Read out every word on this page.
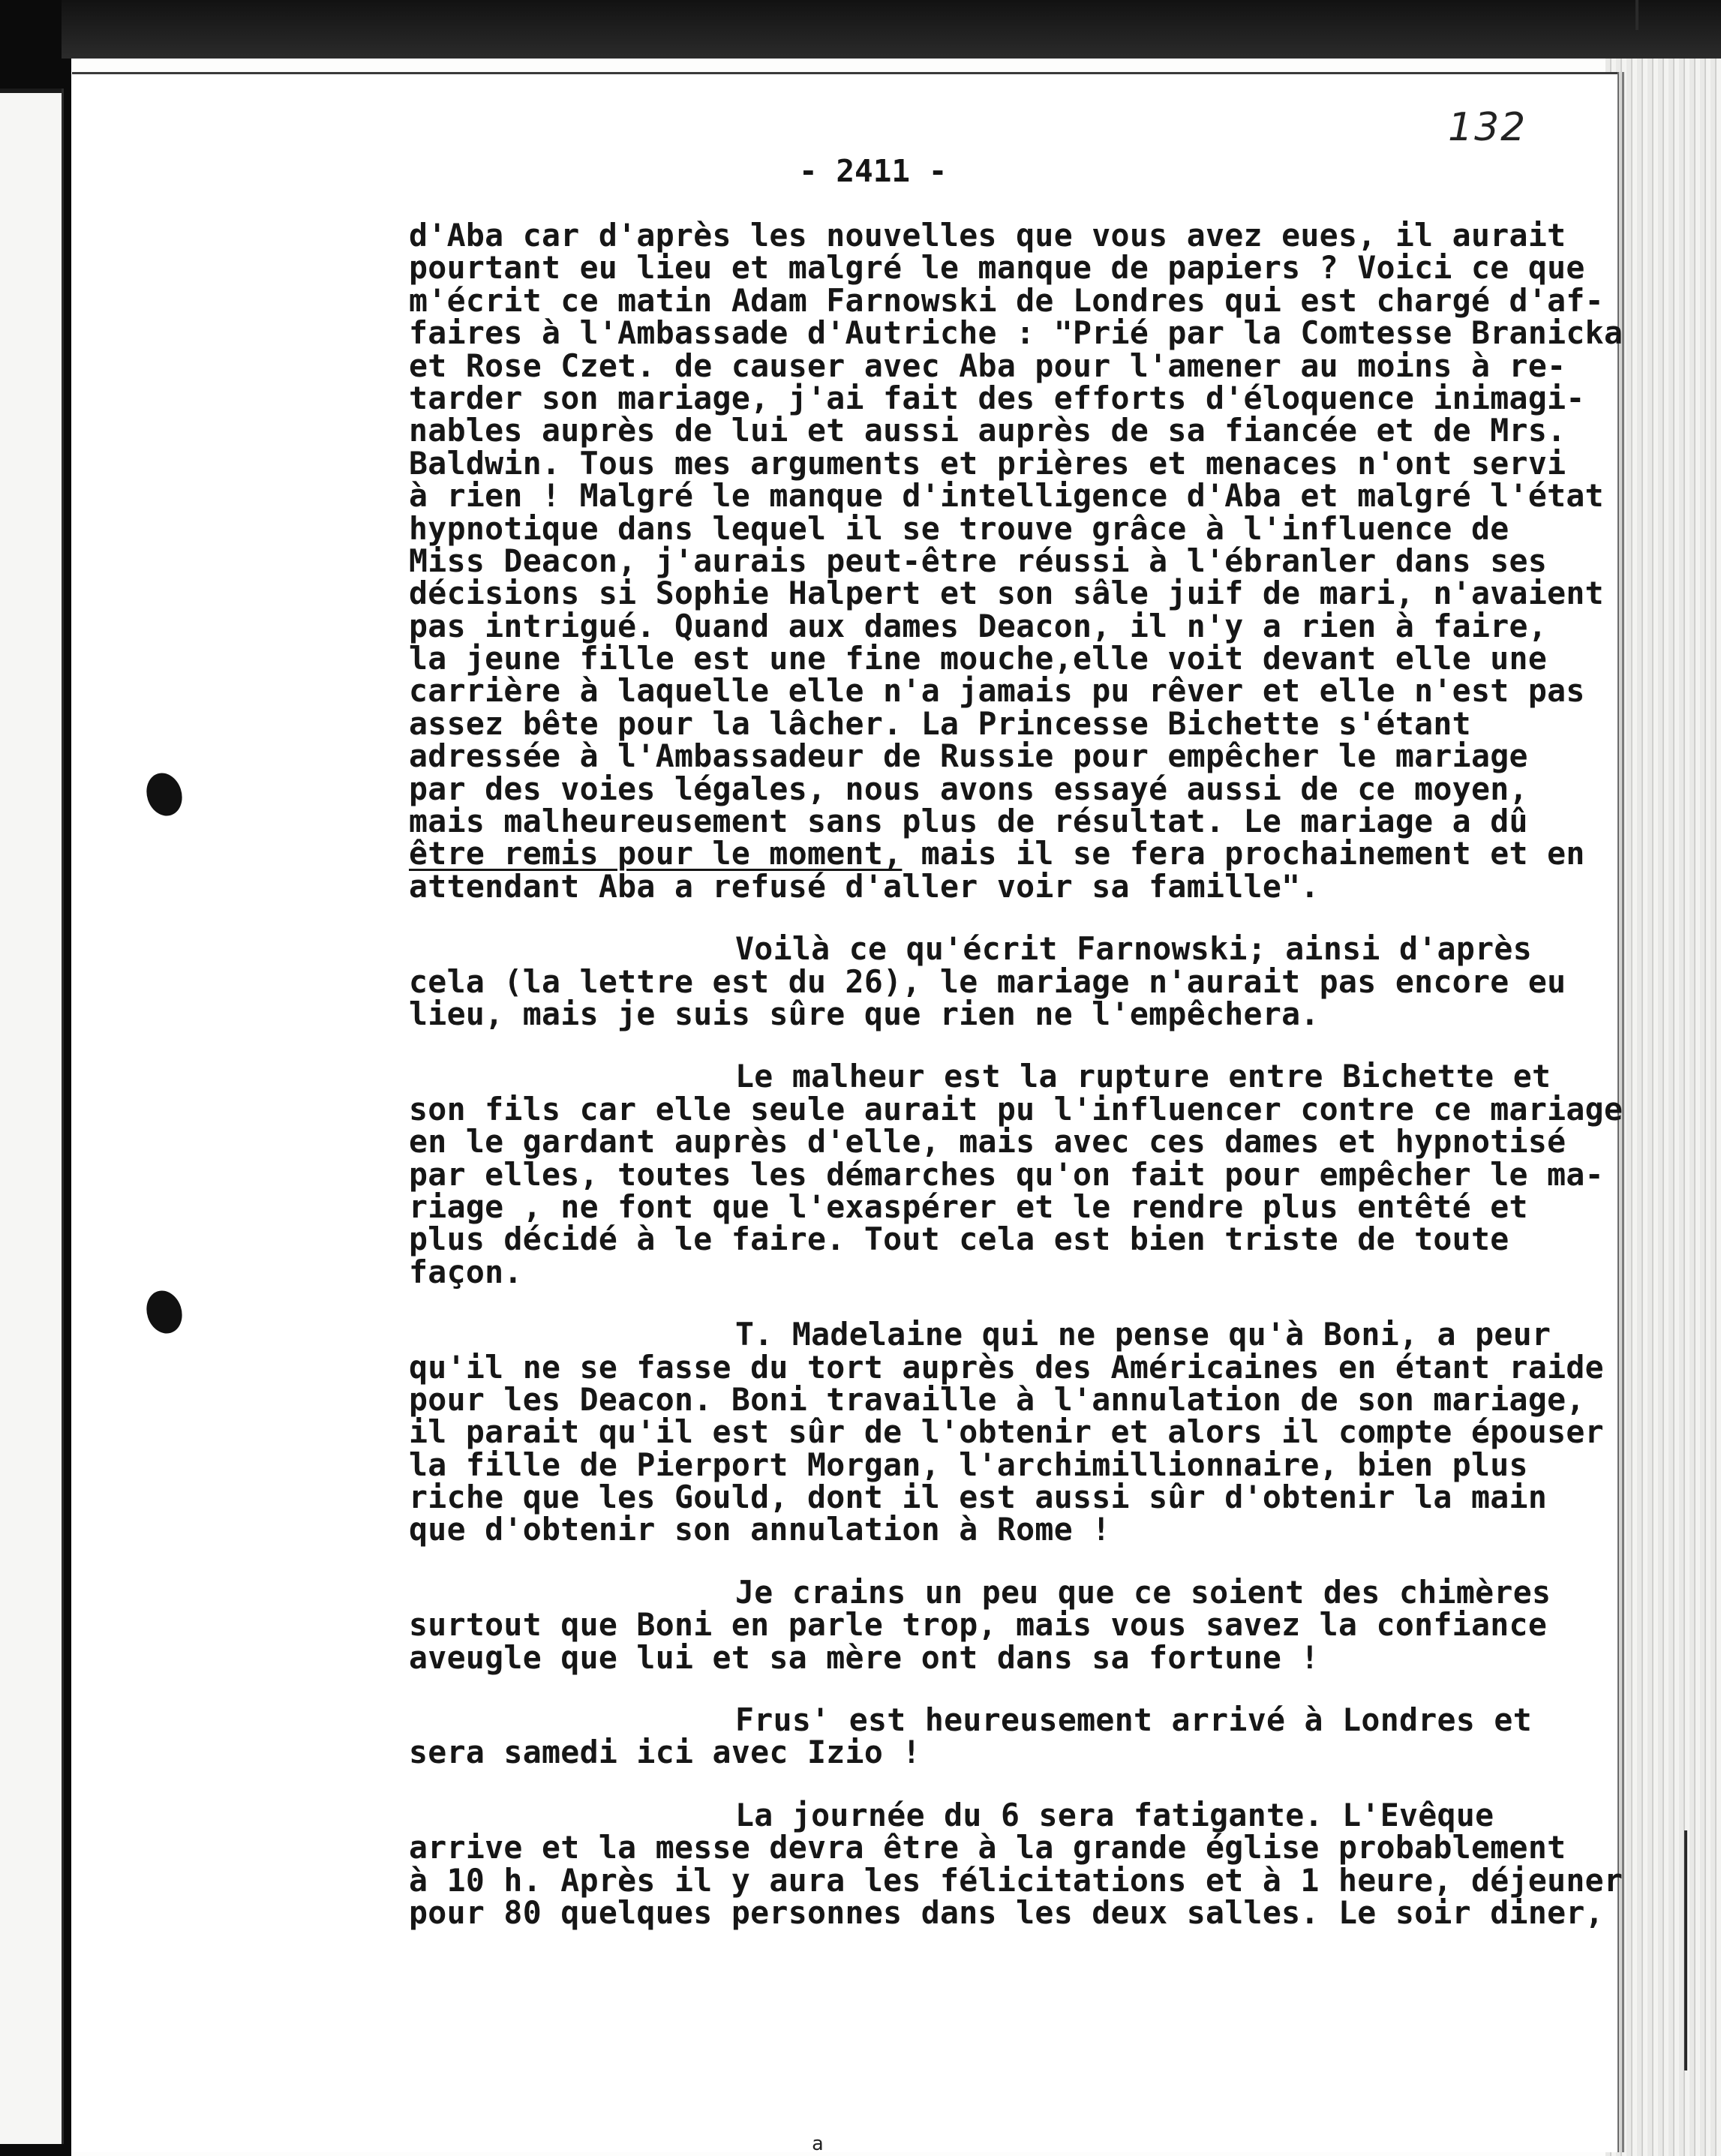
132
- 2411 -
d'Aba car d'après les nouvelles que vous avez eues, il aurait
pourtant eu lieu et malgré le manque de papiers ? Voici ce que
m'écrit ce matin Adam Farnowski de Londres qui est chargé d'af-
faires à l'Ambassade d'Autriche : "Prié par la Comtesse Branicka
et Rose Czet. de causer avec Aba pour l'amener au moins à re-
tarder son mariage, j'ai fait des efforts d'éloquence inimagi-
nables auprès de lui et aussi auprès de sa fiancée et de Mrs.
Baldwin. Tous mes arguments et prières et menaces n'ont servi
à rien ! Malgré le manque d'intelligence d'Aba et malgré l'état
hypnotique dans lequel il se trouve grâce à l'influence de
Miss Deacon, j'aurais peut-être réussi à l'ébranler dans ses
décisions si Sophie Halpert et son sâle juif de mari, n'avaient
pas intrigué. Quand aux dames Deacon, il n'y a rien à faire,
la jeune fille est une fine mouche,elle voit devant elle une
carrière à laquelle elle n'a jamais pu rêver et elle n'est pas
assez bête pour la lâcher. La Princesse Bichette s'étant
adressée à l'Ambassadeur de Russie pour empêcher le mariage
par des voies légales, nous avons essayé aussi de ce moyen,
mais malheureusement sans plus de résultat. Le mariage a dû
être remis pour le moment, mais il se fera prochainement et en
attendant Aba a refusé d'aller voir sa famille".
Voilà ce qu'écrit Farnowski; ainsi d'après
cela (la lettre est du 26), le mariage n'aurait pas encore eu
lieu, mais je suis sûre que rien ne l'empêchera.
Le malheur est la rupture entre Bichette et
son fils car elle seule aurait pu l'influencer contre ce mariage
en le gardant auprès d'elle, mais avec ces dames et hypnotisé
par elles, toutes les démarches qu'on fait pour empêcher le ma-
riage , ne font que l'exaspérer et le rendre plus entêté et
plus décidé à le faire. Tout cela est bien triste de toute
façon.
T. Madelaine qui ne pense qu'à Boni, a peur
qu'il ne se fasse du tort auprès des Américaines en étant raide
pour les Deacon. Boni travaille à l'annulation de son mariage,
il parait qu'il est sûr de l'obtenir et alors il compte épouser
la fille de Pierport Morgan, l'archimillionnaire, bien plus
riche que les Gould, dont il est aussi sûr d'obtenir la main
que d'obtenir son annulation à Rome !
Je crains un peu que ce soient des chimères
surtout que Boni en parle trop, mais vous savez la confiance
aveugle que lui et sa mère ont dans sa fortune !
Frus' est heureusement arrivé à Londres et
sera samedi ici avec Izio !
La journée du 6 sera fatigante. L'Evêque
arrive et la messe devra être à la grande église probablement
à 10 h. Après il y aura les félicitations et à 1 heure, déjeuner
pour 80 quelques personnes dans les deux salles. Le soir diner,
a
